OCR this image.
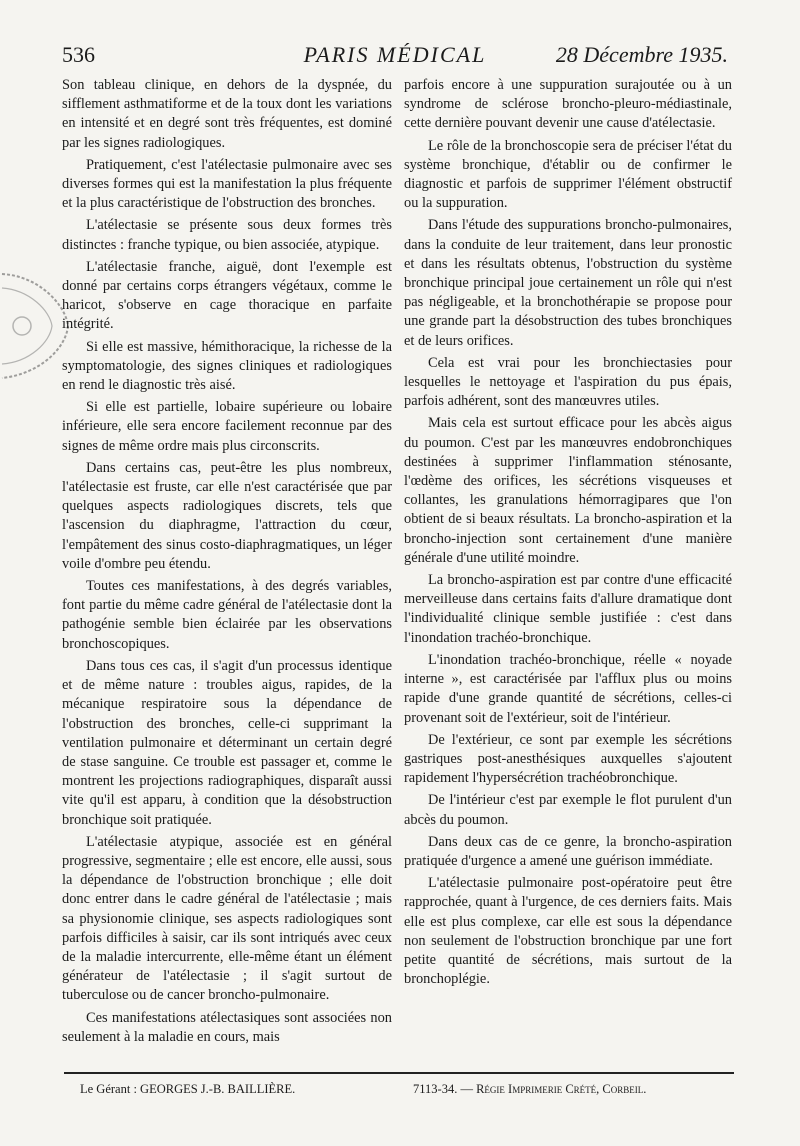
536	PARIS MÉDICAL	28 Décembre 1935.

Son tableau clinique, en dehors de la dyspnée, du sifflement asthmatiforme et de la toux dont les variations en intensité et en degré sont très fréquentes, est dominé par les signes radiologiques.

Pratiquement, c'est l'atélectasie pulmonaire avec ses diverses formes qui est la manifestation la plus fréquente et la plus caractéristique de l'obstruction des bronches.

L'atélectasie se présente sous deux formes très distinctes : franche typique, ou bien associée, atypique.

L'atélectasie franche, aiguë, dont l'exemple est donné par certains corps étrangers végétaux, comme le haricot, s'observe en cage thoracique en parfaite intégrité.

Si elle est massive, hémithoracique, la richesse de la symptomatologie, des signes cliniques et radiologiques en rend le diagnostic très aisé.

Si elle est partielle, lobaire supérieure ou lobaire inférieure, elle sera encore facilement reconnue par des signes de même ordre mais plus circonscrits.

Dans certains cas, peut-être les plus nombreux, l'atélectasie est fruste, car elle n'est caractérisée que par quelques aspects radiologiques discrets, tels que l'ascension du diaphragme, l'attraction du cœur, l'empâtement des sinus costo-diaphragmatiques, un léger voile d'ombre peu étendu.

Toutes ces manifestations, à des degrés variables, font partie du même cadre général de l'atélectasie dont la pathogénie semble bien éclairée par les observations bronchoscopiques.

Dans tous ces cas, il s'agit d'un processus identique et de même nature : troubles aigus, rapides, de la mécanique respiratoire sous la dépendance de l'obstruction des bronches, celle-ci supprimant la ventilation pulmonaire et déterminant un certain degré de stase sanguine. Ce trouble est passager et, comme le montrent les projections radiographiques, disparaît aussi vite qu'il est apparu, à condition que la désobstruction bronchique soit pratiquée.

L'atélectasie atypique, associée est en général progressive, segmentaire ; elle est encore, elle aussi, sous la dépendance de l'obstruction bronchique ; elle doit donc entrer dans le cadre général de l'atélectasie ; mais sa physionomie clinique, ses aspects radiologiques sont parfois difficiles à saisir, car ils sont intriqués avec ceux de la maladie intercurrente, elle-même étant un élément générateur de l'atélectasie ; il s'agit surtout de tuberculose ou de cancer broncho-pulmonaire.

Ces manifestations atélectasiques sont associées non seulement à la maladie en cours, mais

parfois encore à une suppuration surajoutée ou à un syndrome de sclérose broncho-pleuro-médiastinale, cette dernière pouvant devenir une cause d'atélectasie.

Le rôle de la bronchoscopie sera de préciser l'état du système bronchique, d'établir ou de confirmer le diagnostic et parfois de supprimer l'élément obstructif ou la suppuration.

Dans l'étude des suppurations broncho-pulmonaires, dans la conduite de leur traitement, dans leur pronostic et dans les résultats obtenus, l'obstruction du système bronchique principal joue certainement un rôle qui n'est pas négligeable, et la bronchothérapie se propose pour une grande part la désobstruction des tubes bronchiques et de leurs orifices.

Cela est vrai pour les bronchiectasies pour lesquelles le nettoyage et l'aspiration du pus épais, parfois adhérent, sont des manœuvres utiles.

Mais cela est surtout efficace pour les abcès aigus du poumon. C'est par les manœuvres endobronchiques destinées à supprimer l'inflammation sténosante, l'œdème des orifices, les sécrétions visqueuses et collantes, les granulations hémorragipares que l'on obtient de si beaux résultats. La broncho-aspiration et la broncho-injection sont certainement d'une manière générale d'une utilité moindre.

La broncho-aspiration est par contre d'une efficacité merveilleuse dans certains faits d'allure dramatique dont l'individualité clinique semble justifiée : c'est dans l'inondation trachéo-bronchique.

L'inondation trachéo-bronchique, réelle « noyade interne », est caractérisée par l'afflux plus ou moins rapide d'une grande quantité de sécrétions, celles-ci provenant soit de l'extérieur, soit de l'intérieur.

De l'extérieur, ce sont par exemple les sécrétions gastriques post-anesthésiques auxquelles s'ajoutent rapidement l'hypersécrétion trachéobronchique.

De l'intérieur c'est par exemple le flot purulent d'un abcès du poumon.

Dans deux cas de ce genre, la broncho-aspiration pratiquée d'urgence a amené une guérison immédiate.

L'atélectasie pulmonaire post-opératoire peut être rapprochée, quant à l'urgence, de ces derniers faits. Mais elle est plus complexe, car elle est sous la dépendance non seulement de l'obstruction bronchique par une fort petite quantité de sécrétions, mais surtout de la bronchoplégie.

Le Gérant : GEORGES J.-B. BAILLIÈRE.	7113-34. — Régie Imprimerie Crété, Corbeil.
